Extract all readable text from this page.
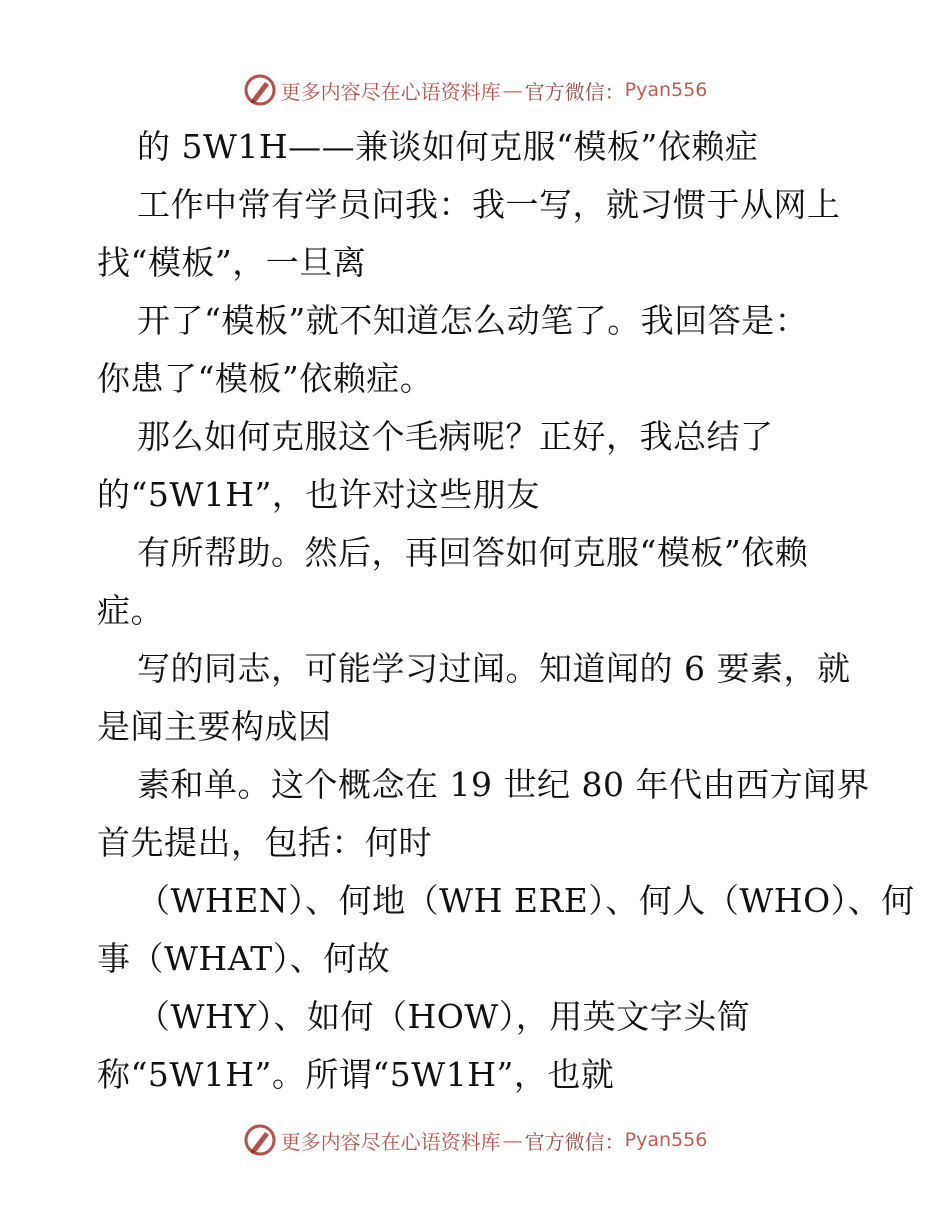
更多内容尽在心语资料库 — 官方微信： Pyan556
的 5W1H——兼谈如何克服“模板”依赖症
工作中常有学员问我：我一写，就习惯于从网上
找“模板”，一旦离
开了“模板”就不知道怎么动笔了。我回答是：
你患了“模板”依赖症。
那么如何克服这个毛病呢？正好，我总结了
的“5W1H”，也许对这些朋友
有所帮助。然后，再回答如何克服“模板”依赖
症。
写的同志，可能学习过闻。知道闻的 6 要素，就
是闻主要构成因
素和单。这个概念在 19 世纪 80 年代由西方闻界
首先提出，包括：何时
（WHEN）、何地（WH ERE）、何人（WHO）、何
事（WHAT）、何故
（WHY）、如何（HOW），用英文字头简
称“5W1H”。所谓“5W1H”，也就
更多内容尽在心语资料库 — 官方微信： Pyan556
